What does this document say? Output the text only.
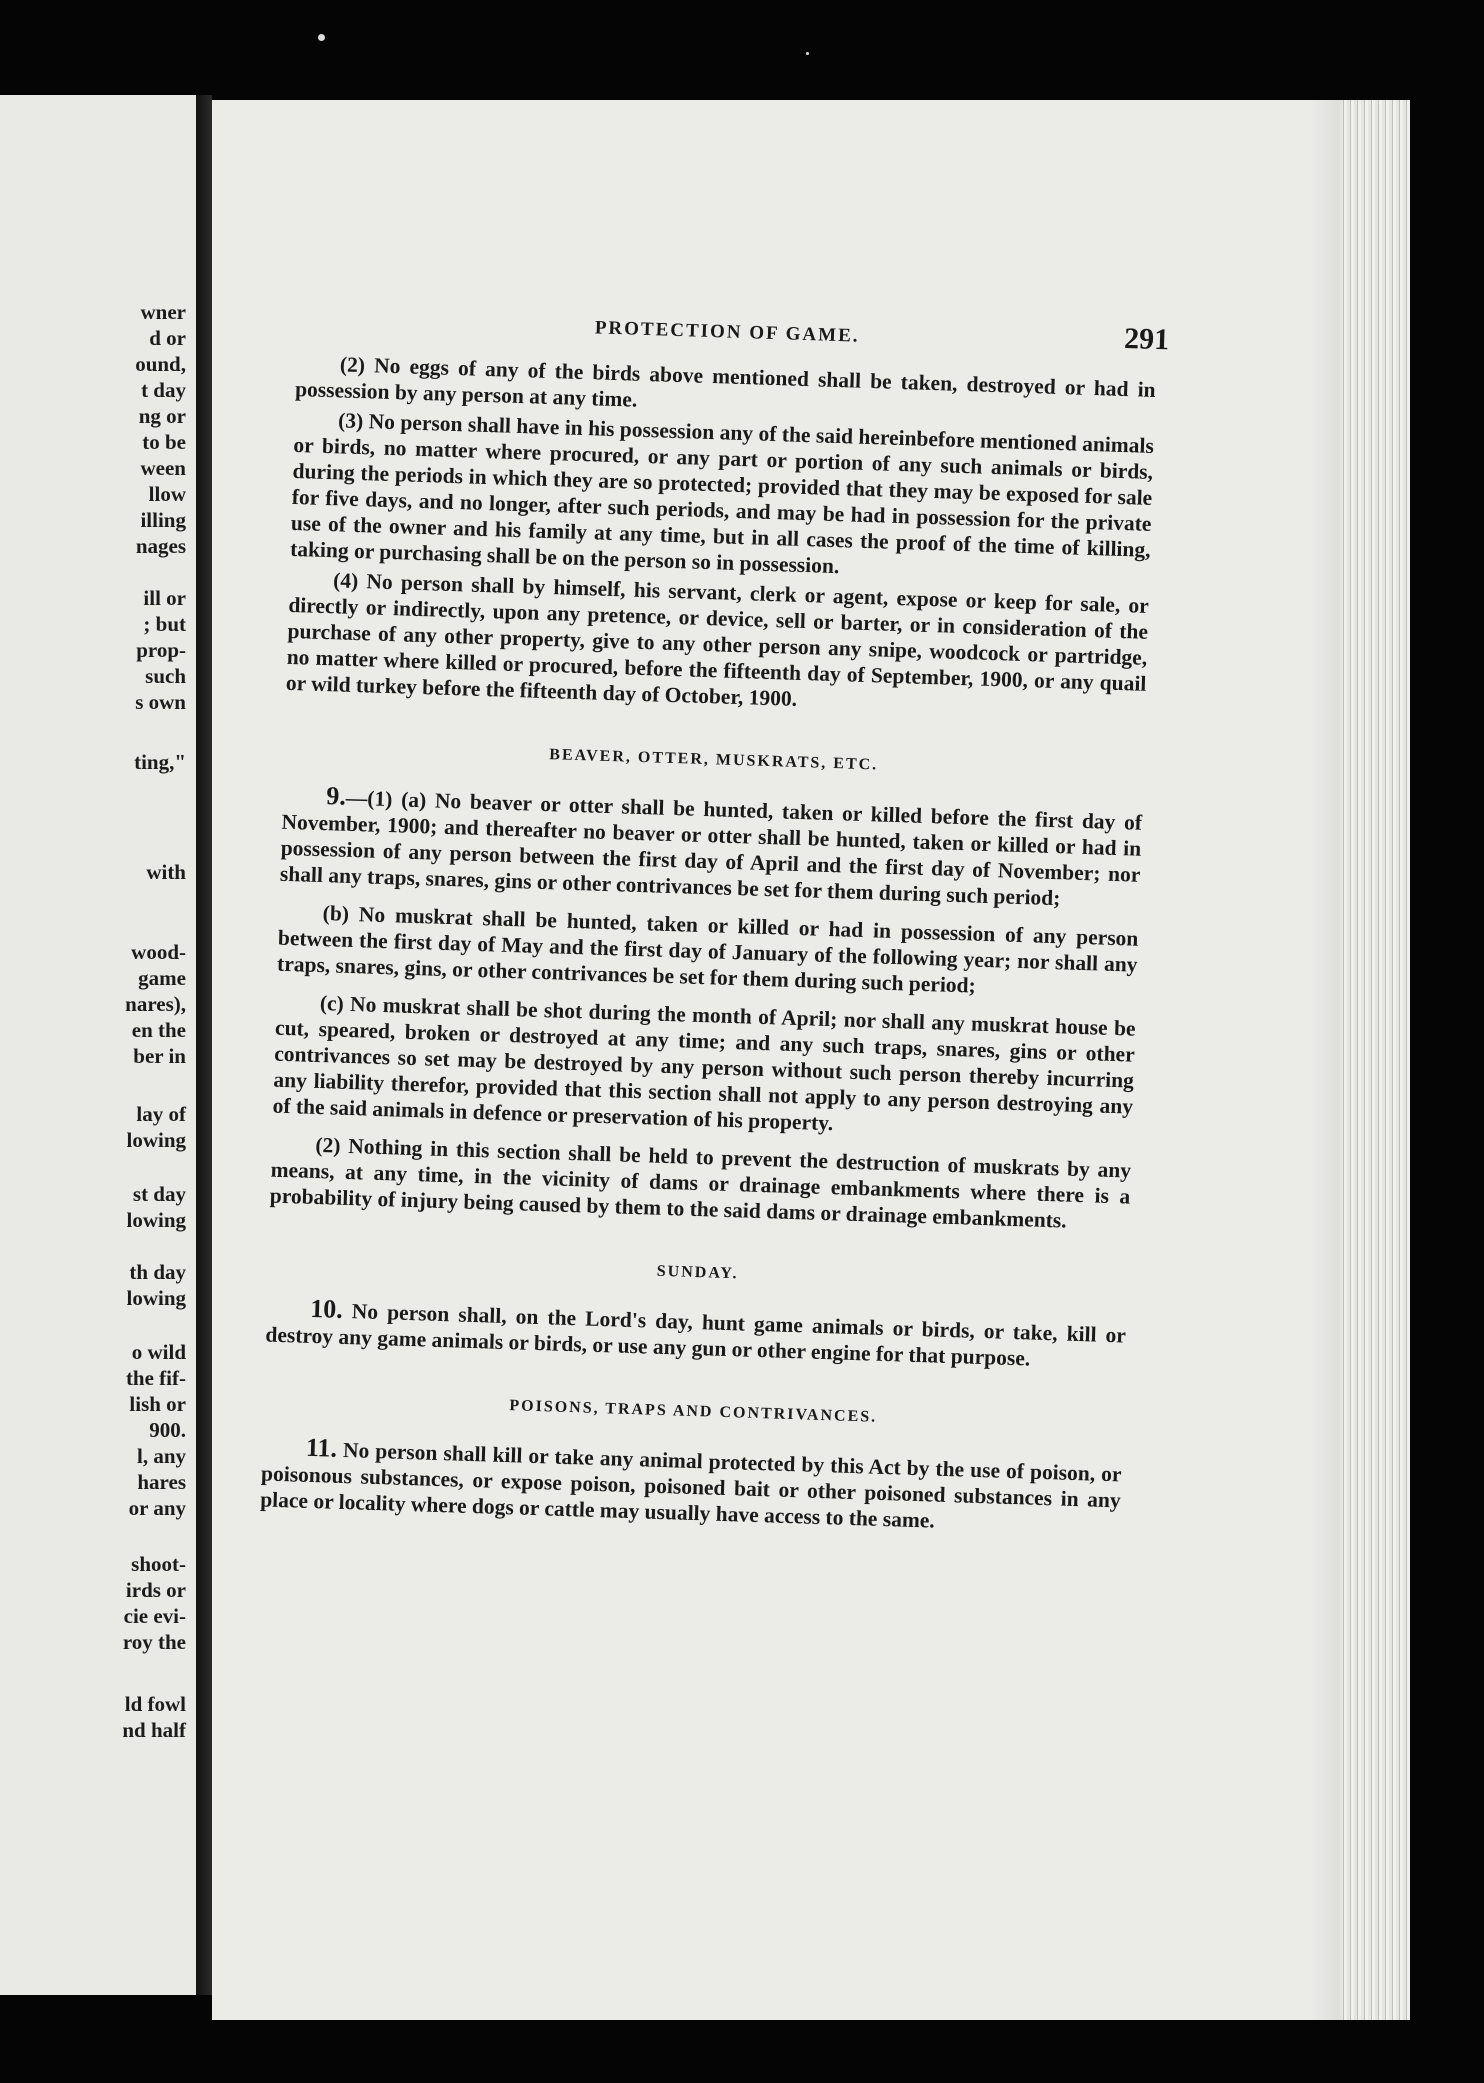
wner
d or
ound,
t day
ng or
to be
ween
llow
illing
nages
ill or
; but
prop-
such
s own
ting,"
with
wood-
game
nares),
en the
ber in
lay of
lowing
st day
lowing
th day
lowing
o wild
the fif-
lish or
900.
l, any
hares
or any
shoot-
irds or
cie evi-
roy the
ld fowl
nd half
PROTECTION OF GAME.	291

(2) No eggs of any of the birds above mentioned shall be taken, destroyed or had in possession by any person at any time.

(3) No person shall have in his possession any of the said hereinbefore mentioned animals or birds, no matter where procured, or any part or portion of any such animals or birds, during the periods in which they are so protected; provided that they may be exposed for sale for five days, and no longer, after such periods, and may be had in possession for the private use of the owner and his family at any time, but in all cases the proof of the time of killing, taking or purchasing shall be on the person so in possession.

(4) No person shall by himself, his servant, clerk or agent, expose or keep for sale, or directly or indirectly, upon any pretence, or device, sell or barter, or in consideration of the purchase of any other property, give to any other person any snipe, woodcock or partridge, no matter where killed or procured, before the fifteenth day of September, 1900, or any quail or wild turkey before the fifteenth day of October, 1900.

BEAVER, OTTER, MUSKRATS, ETC.

9.—(1) (a) No beaver or otter shall be hunted, taken or killed before the first day of November, 1900; and thereafter no beaver or otter shall be hunted, taken or killed or had in possession of any person between the first day of April and the first day of November; nor shall any traps, snares, gins or other contrivances be set for them during such period;

(b) No muskrat shall be hunted, taken or killed or had in possession of any person between the first day of May and the first day of January of the following year; nor shall any traps, snares, gins, or other contrivances be set for them during such period;

(c) No muskrat shall be shot during the month of April; nor shall any muskrat house be cut, speared, broken or destroyed at any time; and any such traps, snares, gins or other contrivances so set may be destroyed by any person without such person thereby incurring any liability therefor, provided that this section shall not apply to any person destroying any of the said animals in defence or preservation of his property.

(2) Nothing in this section shall be held to prevent the destruction of muskrats by any means, at any time, in the vicinity of dams or drainage embankments where there is a probability of injury being caused by them to the said dams or drainage embankments.

SUNDAY.

10. No person shall, on the Lord's day, hunt game animals or birds, or take, kill or destroy any game animals or birds, or use any gun or other engine for that purpose.

POISONS, TRAPS AND CONTRIVANCES.

11. No person shall kill or take any animal protected by this Act by the use of poison, or poisonous substances, or expose poison, poisoned bait or other poisoned substances in any place or locality where dogs or cattle may usually have access to the same.
